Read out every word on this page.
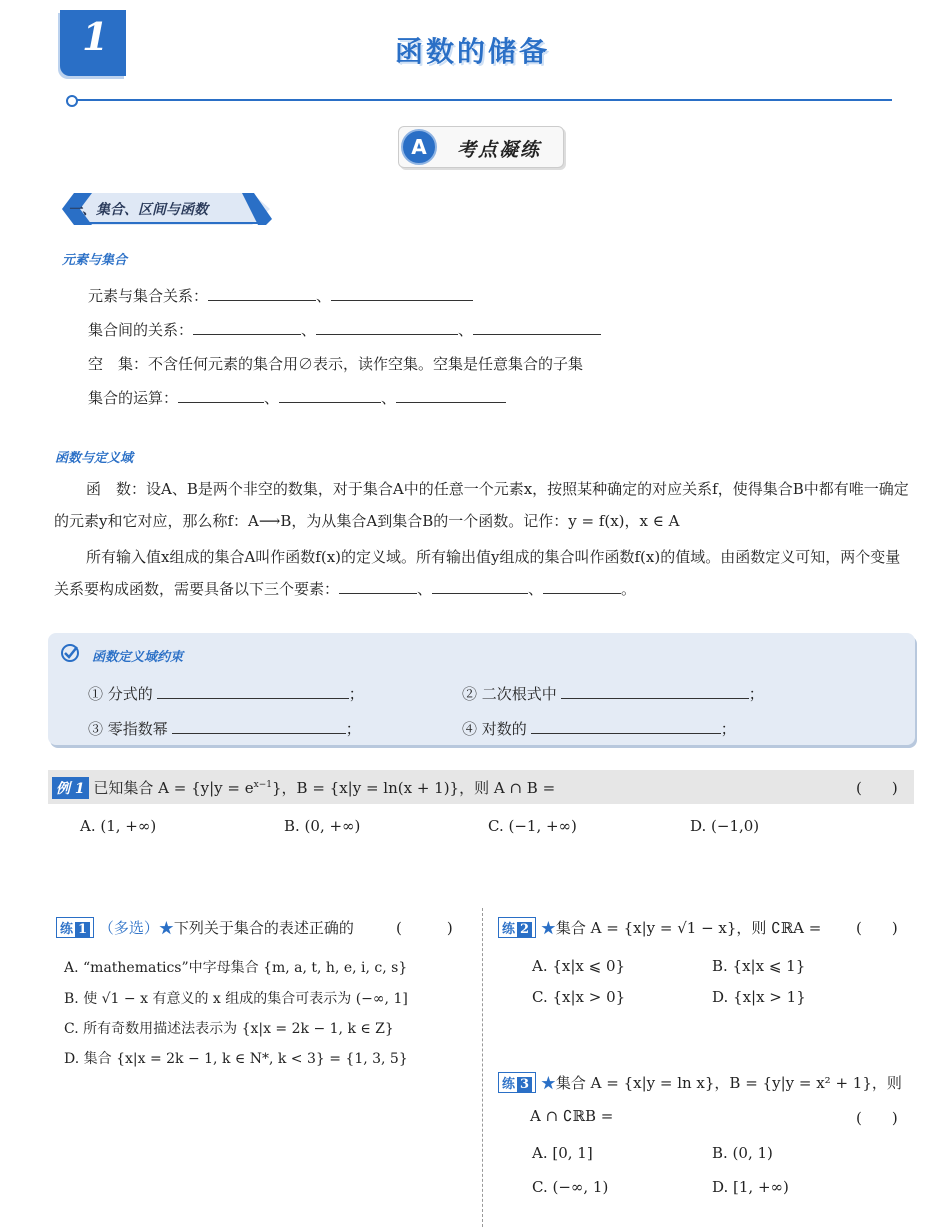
1	函数的储备
A	考点凝练
一、集合、区间与函数
元素与集合
元素与集合关系：	、
集合间的关系：	、	、
空　集：不含任何元素的集合用∅表示，读作空集。空集是任意集合的子集
集合的运算：	、	、
函数与定义域
函　数：设A、B是两个非空的数集，对于集合A中的任意一个元素x，按照某种确定的对应关系f，使得集合B中都有唯一确定的元素y和它对应，那么称f：A⟶B，为从集合A到集合B的一个函数。记作：y = f(x)，x ∈ A
所有输入值x组成的集合A叫作函数f(x)的定义域。所有输出值y组成的集合叫作函数f(x)的值域。由函数定义可知，两个变量关系要构成函数，需要具备以下三个要素：	、	、	。
函数定义域约束
① 分式的	；	② 二次根式中	；
③ 零指数幂	；	④ 对数的	；
例 1 已知集合 $A = \{y|y = e^{x-1}\}$，B = {x|y = ln(x + 1)}，则 A ∩ B =	(　　)
A. (1, +∞)	B. (0, +∞)	C. (−1, +∞)	D. (−1,0)
练 1 （多选）★下列关于集合的表述正确的	(　　　)
A. “mathematics”中字母集合 {m, a, t, h, e, i, c, s}
B. 使 √1 − x 有意义的 x 组成的集合可表示为 (−∞, 1]
C. 所有奇数用描述法表示为 {x|x = 2k − 1, k ∈ Z}
D. 集合 {x|x = 2k − 1, k ∈ N*, k < 3} = {1, 3, 5}
练 2 ★集合 A = {x|y = √1 − x}，则 ∁ℝA = (　　)
A. {x|x ⩽ 0}	B. {x|x ⩽ 1}
C. {x|x > 0}	D. {x|x > 1}
练 3 ★集合 A = {x|y = ln x}，B = {y|y = x² + 1}，则
A ∩ ∁ℝB =	(　　)
A. [0, 1]	B. (0, 1)
C. (−∞, 1)	D. [1, +∞)
